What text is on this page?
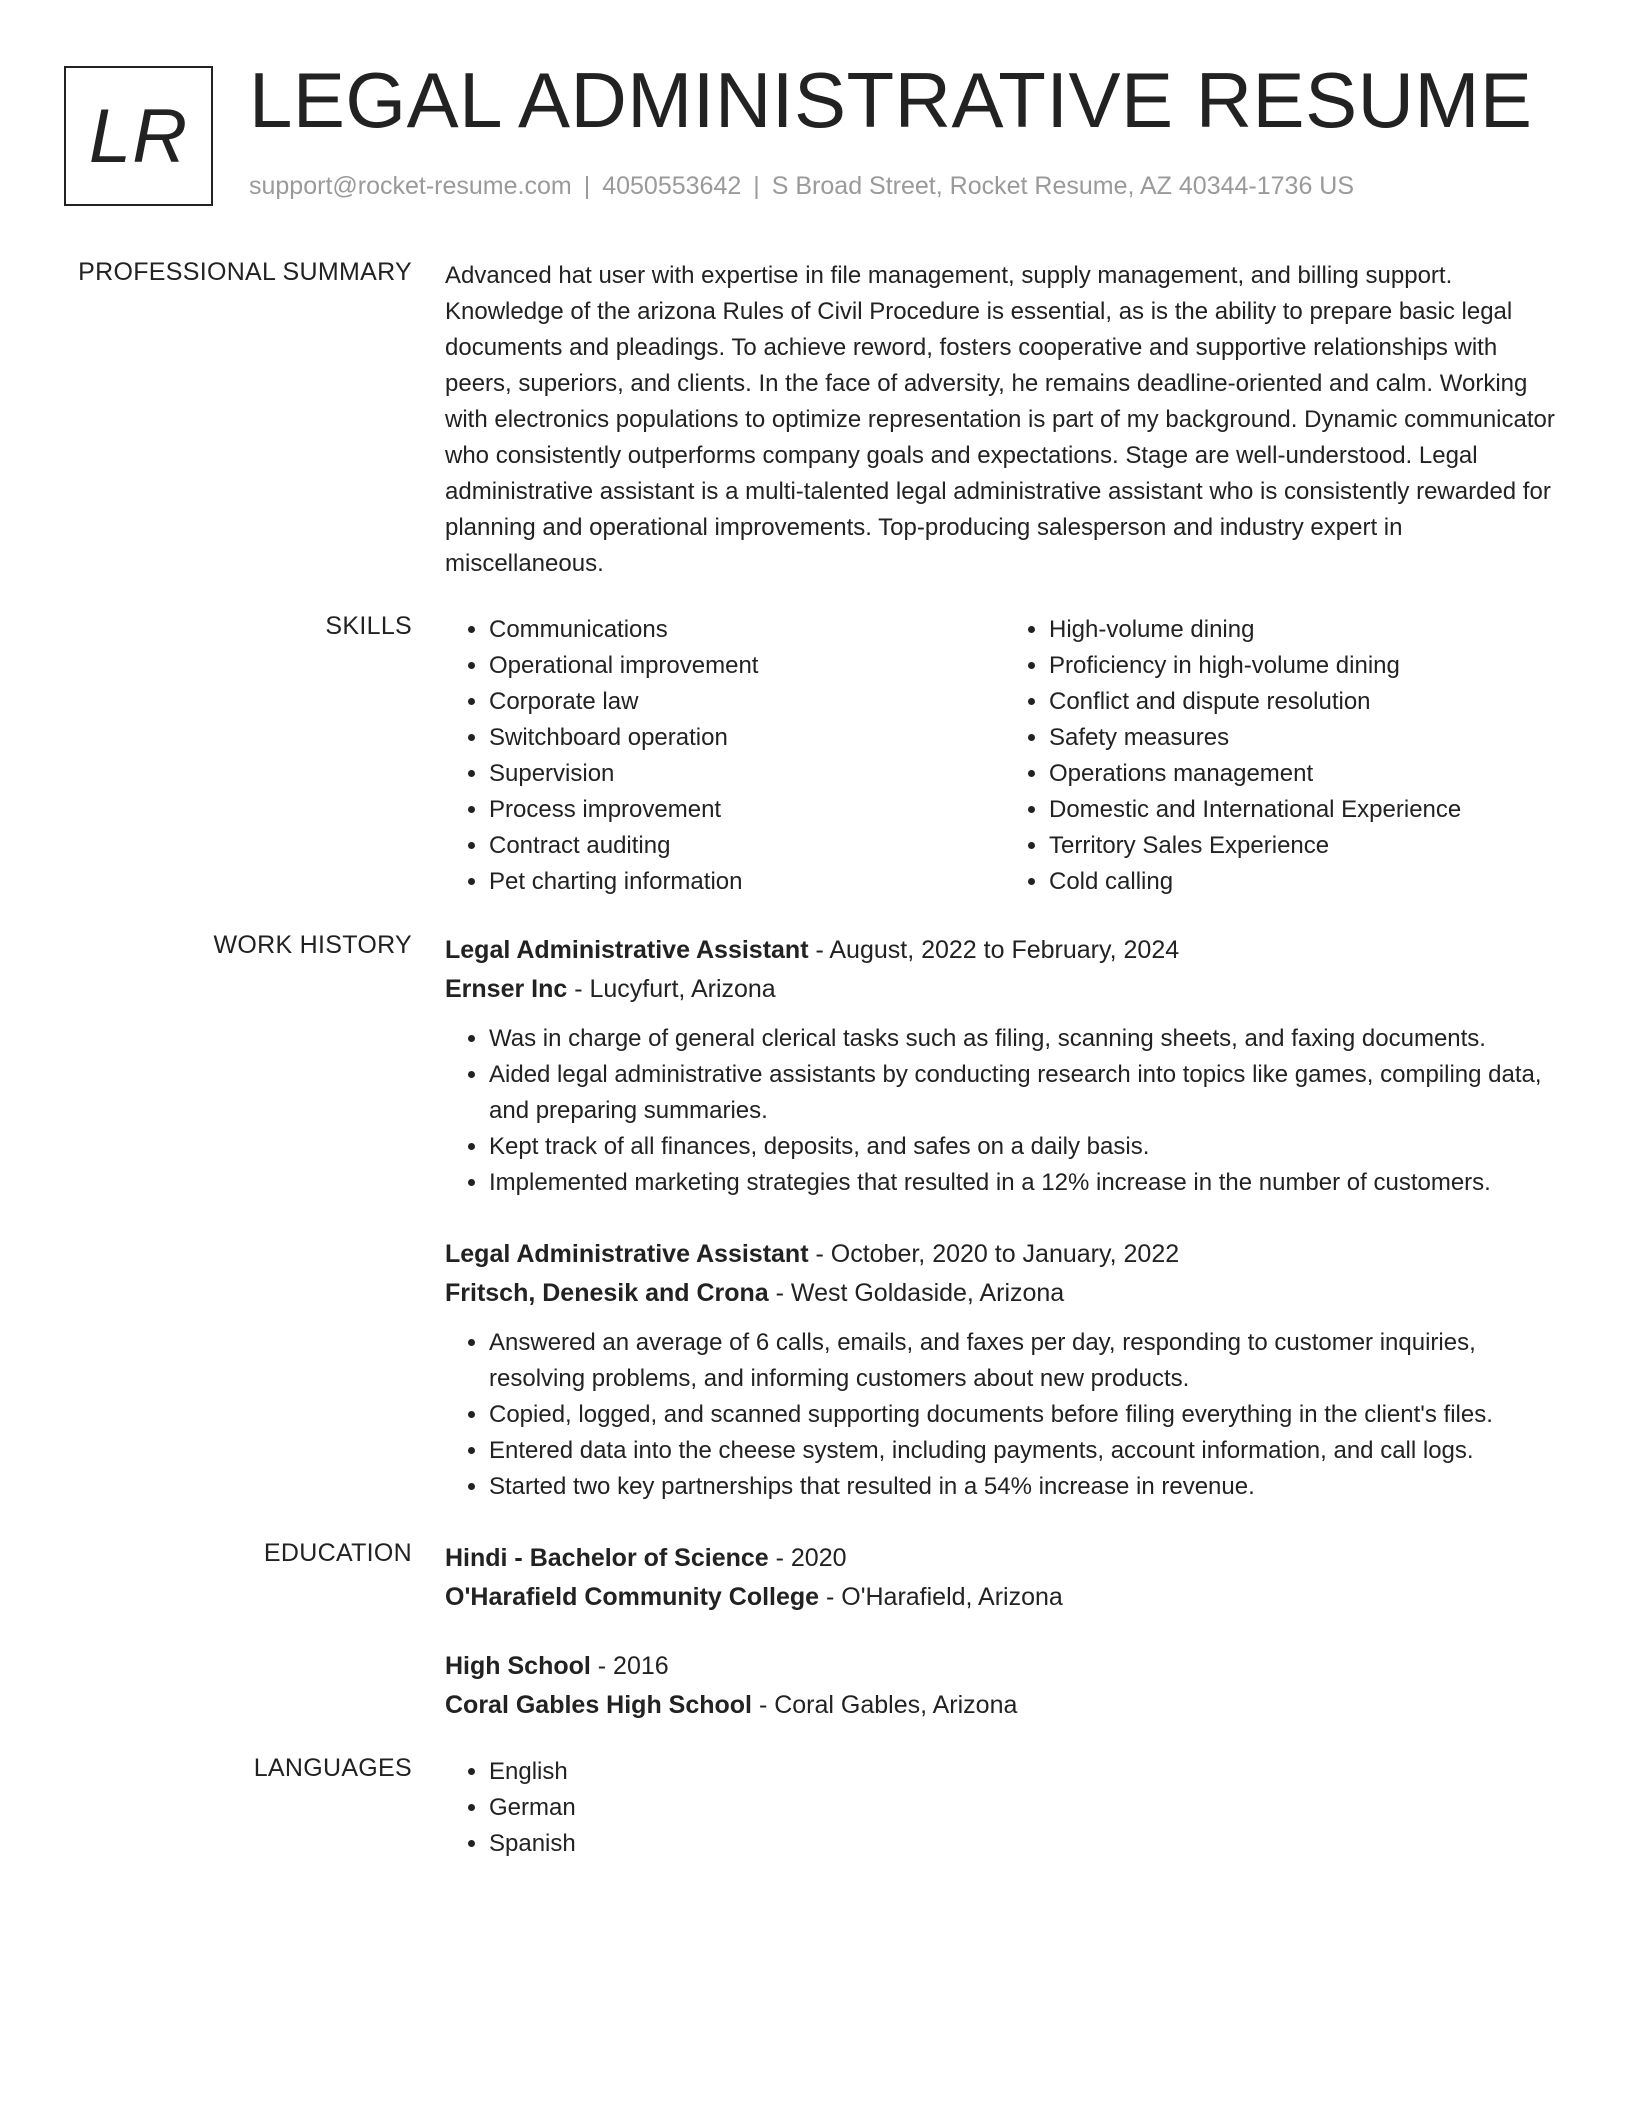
LR LEGAL ADMINISTRATIVE RESUME
support@rocket-resume.com | 4050553642 | S Broad Street, Rocket Resume, AZ 40344-1736 US
PROFESSIONAL SUMMARY Advanced hat user with expertise in file management, supply management, and billing support. Knowledge of the arizona Rules of Civil Procedure is essential, as is the ability to prepare basic legal documents and pleadings. To achieve reword, fosters cooperative and supportive relationships with peers, superiors, and clients. In the face of adversity, he remains deadline-oriented and calm. Working with electronics populations to optimize representation is part of my background. Dynamic communicator who consistently outperforms company goals and expectations. Stage are well-understood. Legal administrative assistant is a multi-talented legal administrative assistant who is consistently rewarded for planning and operational improvements. Top-producing salesperson and industry expert in miscellaneous.

SKILLS	• Communications
• Operational improvement
• Corporate law
• Switchboard operation
• Supervision
• Process improvement
• Contract auditing
• Pet charting information
• High-volume dining
• Proficiency in high-volume dining
• Conflict and dispute resolution
• Safety measures
• Operations management
• Domestic and International Experience
• Territory Sales Experience
• Cold calling
WORK HISTORY Legal Administrative Assistant - August, 2022 to February, 2024
Ernser Inc - Lucyfurt, Arizona
• Was in charge of general clerical tasks such as filing, scanning sheets, and faxing documents.
• Aided legal administrative assistants by conducting research into topics like games, compiling data, and preparing summaries.
• Kept track of all finances, deposits, and safes on a daily basis.
• Implemented marketing strategies that resulted in a 12% increase in the number of customers.
Legal Administrative Assistant - October, 2020 to January, 2022
Fritsch, Denesik and Crona - West Goldaside, Arizona
• Answered an average of 6 calls, emails, and faxes per day, responding to customer inquiries, resolving problems, and informing customers about new products.
• Copied, logged, and scanned supporting documents before filing everything in the client's files.
• Entered data into the cheese system, including payments, account information, and call logs.
• Started two key partnerships that resulted in a 54% increase in revenue.
EDUCATION Hindi - Bachelor of Science - 2020
O'Harafield Community College - O'Harafield, Arizona
High School - 2016
Coral Gables High School - Coral Gables, Arizona
LANGUAGES	• English
• German
• Spanish
